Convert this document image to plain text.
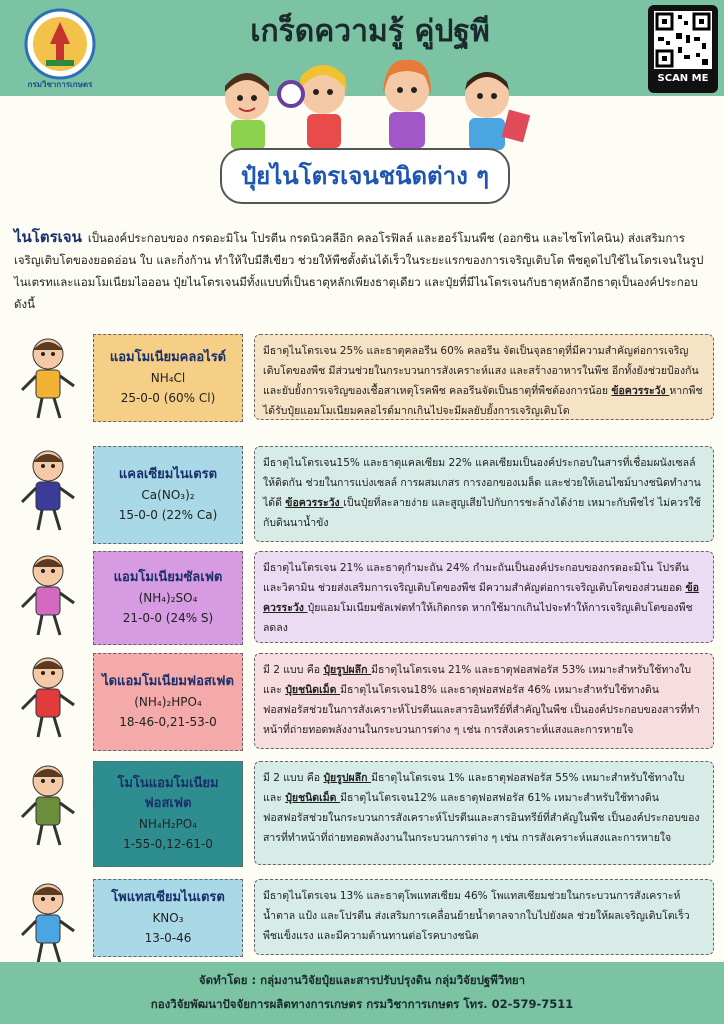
กรมวิชาการเกษตร
เกร็ดความรู้ คู่ปฐพี
SCAN ME
ปุ๋ยไนโตรเจนชนิดต่าง ๆ
ไนโตรเจน เป็นองค์ประกอบของ กรดอะมิโน โปรตีน กรดนิวคลีอิก คลอโรฟิลล์ และฮอร์โมนพืช (ออกซิน และไซโทไคนิน) ส่งเสริมการเจริญเติบโตของยอดอ่อน ใบ และกิ่งก้าน ทำให้ใบมีสีเขียว ช่วยให้พืชตั้งต้นได้เร็วในระยะแรกของการเจริญเติบโต พืชดูดไปใช้ไนโตรเจนในรูปไนเตรทและแอมโมเนียมไอออน ปุ๋ยไนโตรเจนมีทั้งแบบที่เป็นธาตุหลักเพียงธาตุเดียว และปุ๋ยที่มีไนโตรเจนกับธาตุหลักอีกธาตุเป็นองค์ประกอบ ดังนี้
แอมโมเนียมคลอไรด์
NH₄Cl
25-0-0 (60% Cl)
มีธาตุไนโตรเจน 25% และธาตุคลอรีน 60% คลอรีน จัดเป็นจุลธาตุที่มีความสำคัญต่อการเจริญเติบโตของพืช มีส่วนช่วยในกระบวนการสังเคราะห์แสง และสร้างอาหารในพืช อีกทั้งยังช่วยป้องกันและยับยั้งการเจริญของเชื้อสาเหตุโรคพืช คลอรีนจัดเป็นธาตุที่พืชต้องการน้อย ข้อควรระวัง หากพืชได้รับปุ๋ยแอมโมเนียมคลอไรด์มากเกินไปจะมีผลยับยั้งการเจริญเติบโต
แคลเซียมไนเตรต
Ca(NO₃)₂
15-0-0 (22% Ca)
มีธาตุไนโตรเจน15% และธาตุแคลเซียม 22% แคลเซียมเป็นองค์ประกอบในสารที่เชื่อมผนังเซลล์ให้ติดกัน ช่วยในการแบ่งเซลล์ การผสมเกสร การงอกของเมล็ด และช่วยให้เอนไซม์บางชนิดทำงานได้ดี ข้อควรระวัง เป็นปุ๋ยที่ละลายง่าย และสูญเสียไปกับการชะล้างได้ง่าย เหมาะกับพืชไร่ ไม่ควรใช้กับดินนาน้ำขัง
แอมโมเนียมซัลเฟต
(NH₄)₂SO₄
21-0-0 (24% S)
มีธาตุไนโตรเจน 21% และธาตุกำมะถัน 24% กำมะถันเป็นองค์ประกอบของกรดอะมิโน โปรตีน และวิตามิน ช่วยส่งเสริมการเจริญเติบโตของพืช มีความสำคัญต่อการเจริญเติบโตของส่วนยอด ข้อควรระวัง ปุ๋ยแอมโมเนียมซัลเฟตทำให้เกิดกรด หากใช้มากเกินไปจะทำให้การเจริญเติบโตของพืชลดลง
ไดแอมโมเนียมฟอสเฟต
(NH₄)₂HPO₄
18-46-0,21-53-0
มี 2 แบบ คือ ปุ๋ยรูปผลึก มีธาตุไนโตรเจน 21% และธาตุฟอสฟอรัส 53% เหมาะสำหรับใช้ทางใบ และ ปุ๋ยชนิดเม็ด มีธาตุไนโตรเจน18% และธาตุฟอสฟอรัส 46% เหมาะสำหรับใช้ทางดิน ฟอสฟอรัสช่วยในการสังเคราะห์โปรตีนและสารอินทรีย์ที่สำคัญในพืช เป็นองค์ประกอบของสารที่ทำหน้าที่ถ่ายทอดพลังงานในกระบวนการต่าง ๆ เช่น การสังเคราะห์แสงและการหายใจ
โมโนแอมโมเนียมฟอสเฟต
NH₄H₂PO₄
1-55-0,12-61-0
มี 2 แบบ คือ ปุ๋ยรูปผลึก มีธาตุไนโตรเจน 1% และธาตุฟอสฟอรัส 55% เหมาะสำหรับใช้ทางใบ และ ปุ๋ยชนิดเม็ด มีธาตุไนโตรเจน12% และธาตุฟอสฟอรัส 61% เหมาะสำหรับใช้ทางดิน ฟอสฟอรัสช่วยในกระบวนการสังเคราะห์โปรตีนและสารอินทรีย์ที่สำคัญในพืช เป็นองค์ประกอบของสารที่ทำหน้าที่ถ่ายทอดพลังงานในกระบวนการต่าง ๆ เช่น การสังเคราะห์แสงและการหายใจ
โพแทสเซียมไนเตรต
KNO₃
13-0-46
มีธาตุไนโตรเจน 13% และธาตุโพแทสเซียม 46% โพแทสเซียมช่วยในกระบวนการสังเคราะห์น้ำตาล แป้ง และโปรตีน ส่งเสริมการเคลื่อนย้ายน้ำตาลจากใบไปยังผล ช่วยให้ผลเจริญเติบโตเร็ว พืชแข็งแรง และมีความต้านทานต่อโรคบางชนิด
จัดทำโดย : กลุ่มงานวิจัยปุ๋ยและสารปรับปรุงดิน กลุ่มวิจัยปฐพีวิทยา
กองวิจัยพัฒนาปัจจัยการผลิตทางการเกษตร กรมวิชาการเกษตร โทร. 02-579-7511
